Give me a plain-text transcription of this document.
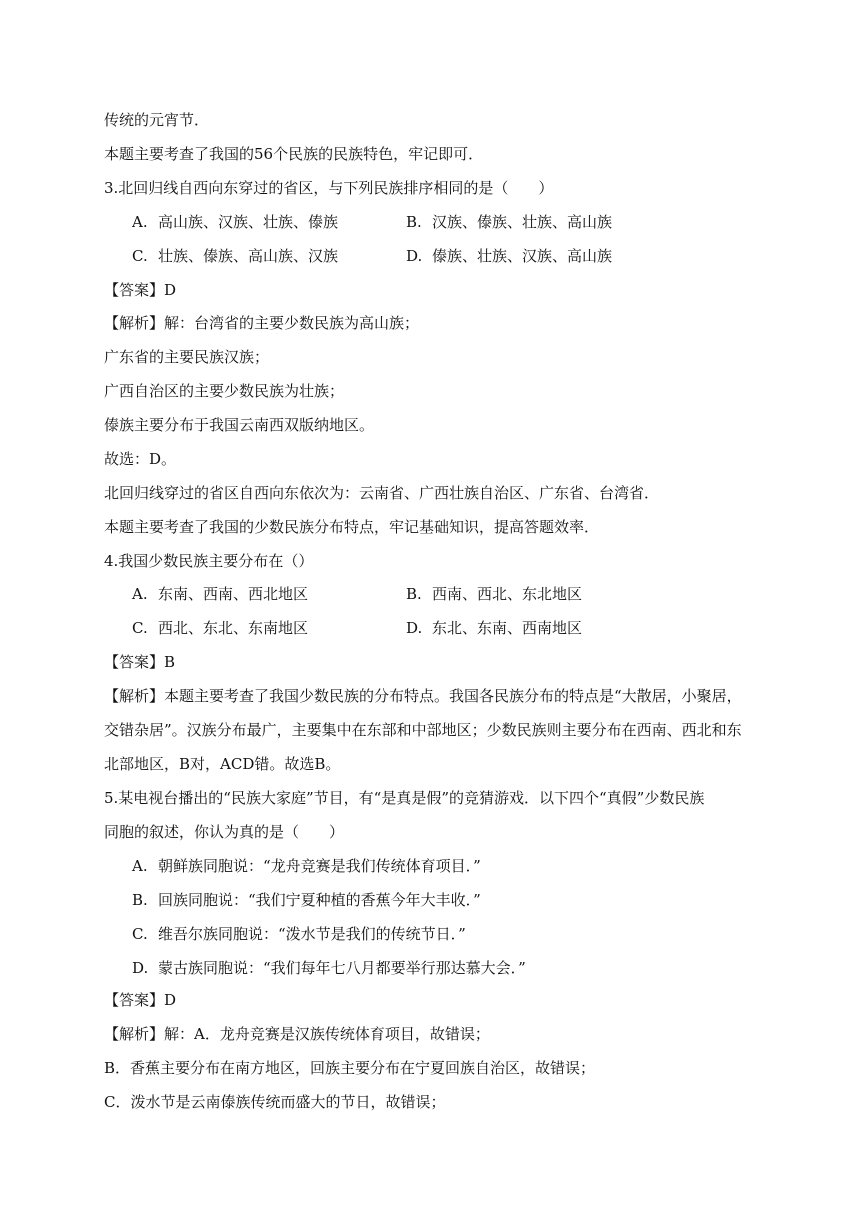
传统的元宵节．
本题主要考查了我国的56个民族的民族特色，牢记即可．
3.北回归线自西向东穿过的省区，与下列民族排序相同的是（　　）
A. 高山族、汉族、壮族、傣族	B. 汉族、傣族、壮族、高山族
C. 壮族、傣族、高山族、汉族	D. 傣族、壮族、汉族、高山族
【答案】D
【解析】解：台湾省的主要少数民族为高山族；
广东省的主要民族汉族；
广西自治区的主要少数民族为壮族；
傣族主要分布于我国云南西双版纳地区。
故选：D。
北回归线穿过的省区自西向东依次为：云南省、广西壮族自治区、广东省、台湾省．
本题主要考查了我国的少数民族分布特点，牢记基础知识，提高答题效率．
4.我国少数民族主要分布在（）
A. 东南、西南、西北地区	B. 西南、西北、东北地区
C. 西北、东北、东南地区	D. 东北、东南、西南地区
【答案】B
【解析】本题主要考查了我国少数民族的分布特点。我国各民族分布的特点是“大散居，小聚居，
交错杂居”。汉族分布最广，主要集中在东部和中部地区；少数民族则主要分布在西南、西北和东
北部地区，B对，ACD错。故选B。
5.某电视台播出的“民族大家庭”节目，有“是真是假”的竞猜游戏．以下四个“真假”少数民族
同胞的叙述，你认为真的是（　　）
A. 朝鲜族同胞说：“龙舟竞赛是我们传统体育项目．”
B. 回族同胞说：“我们宁夏种植的香蕉今年大丰收．”
C. 维吾尔族同胞说：“泼水节是我们的传统节日．”
D. 蒙古族同胞说：“我们每年七八月都要举行那达慕大会．”
【答案】D
【解析】解：A．龙舟竞赛是汉族传统体育项目，故错误；
B．香蕉主要分布在南方地区，回族主要分布在宁夏回族自治区，故错误；
C．泼水节是云南傣族传统而盛大的节日，故错误；
